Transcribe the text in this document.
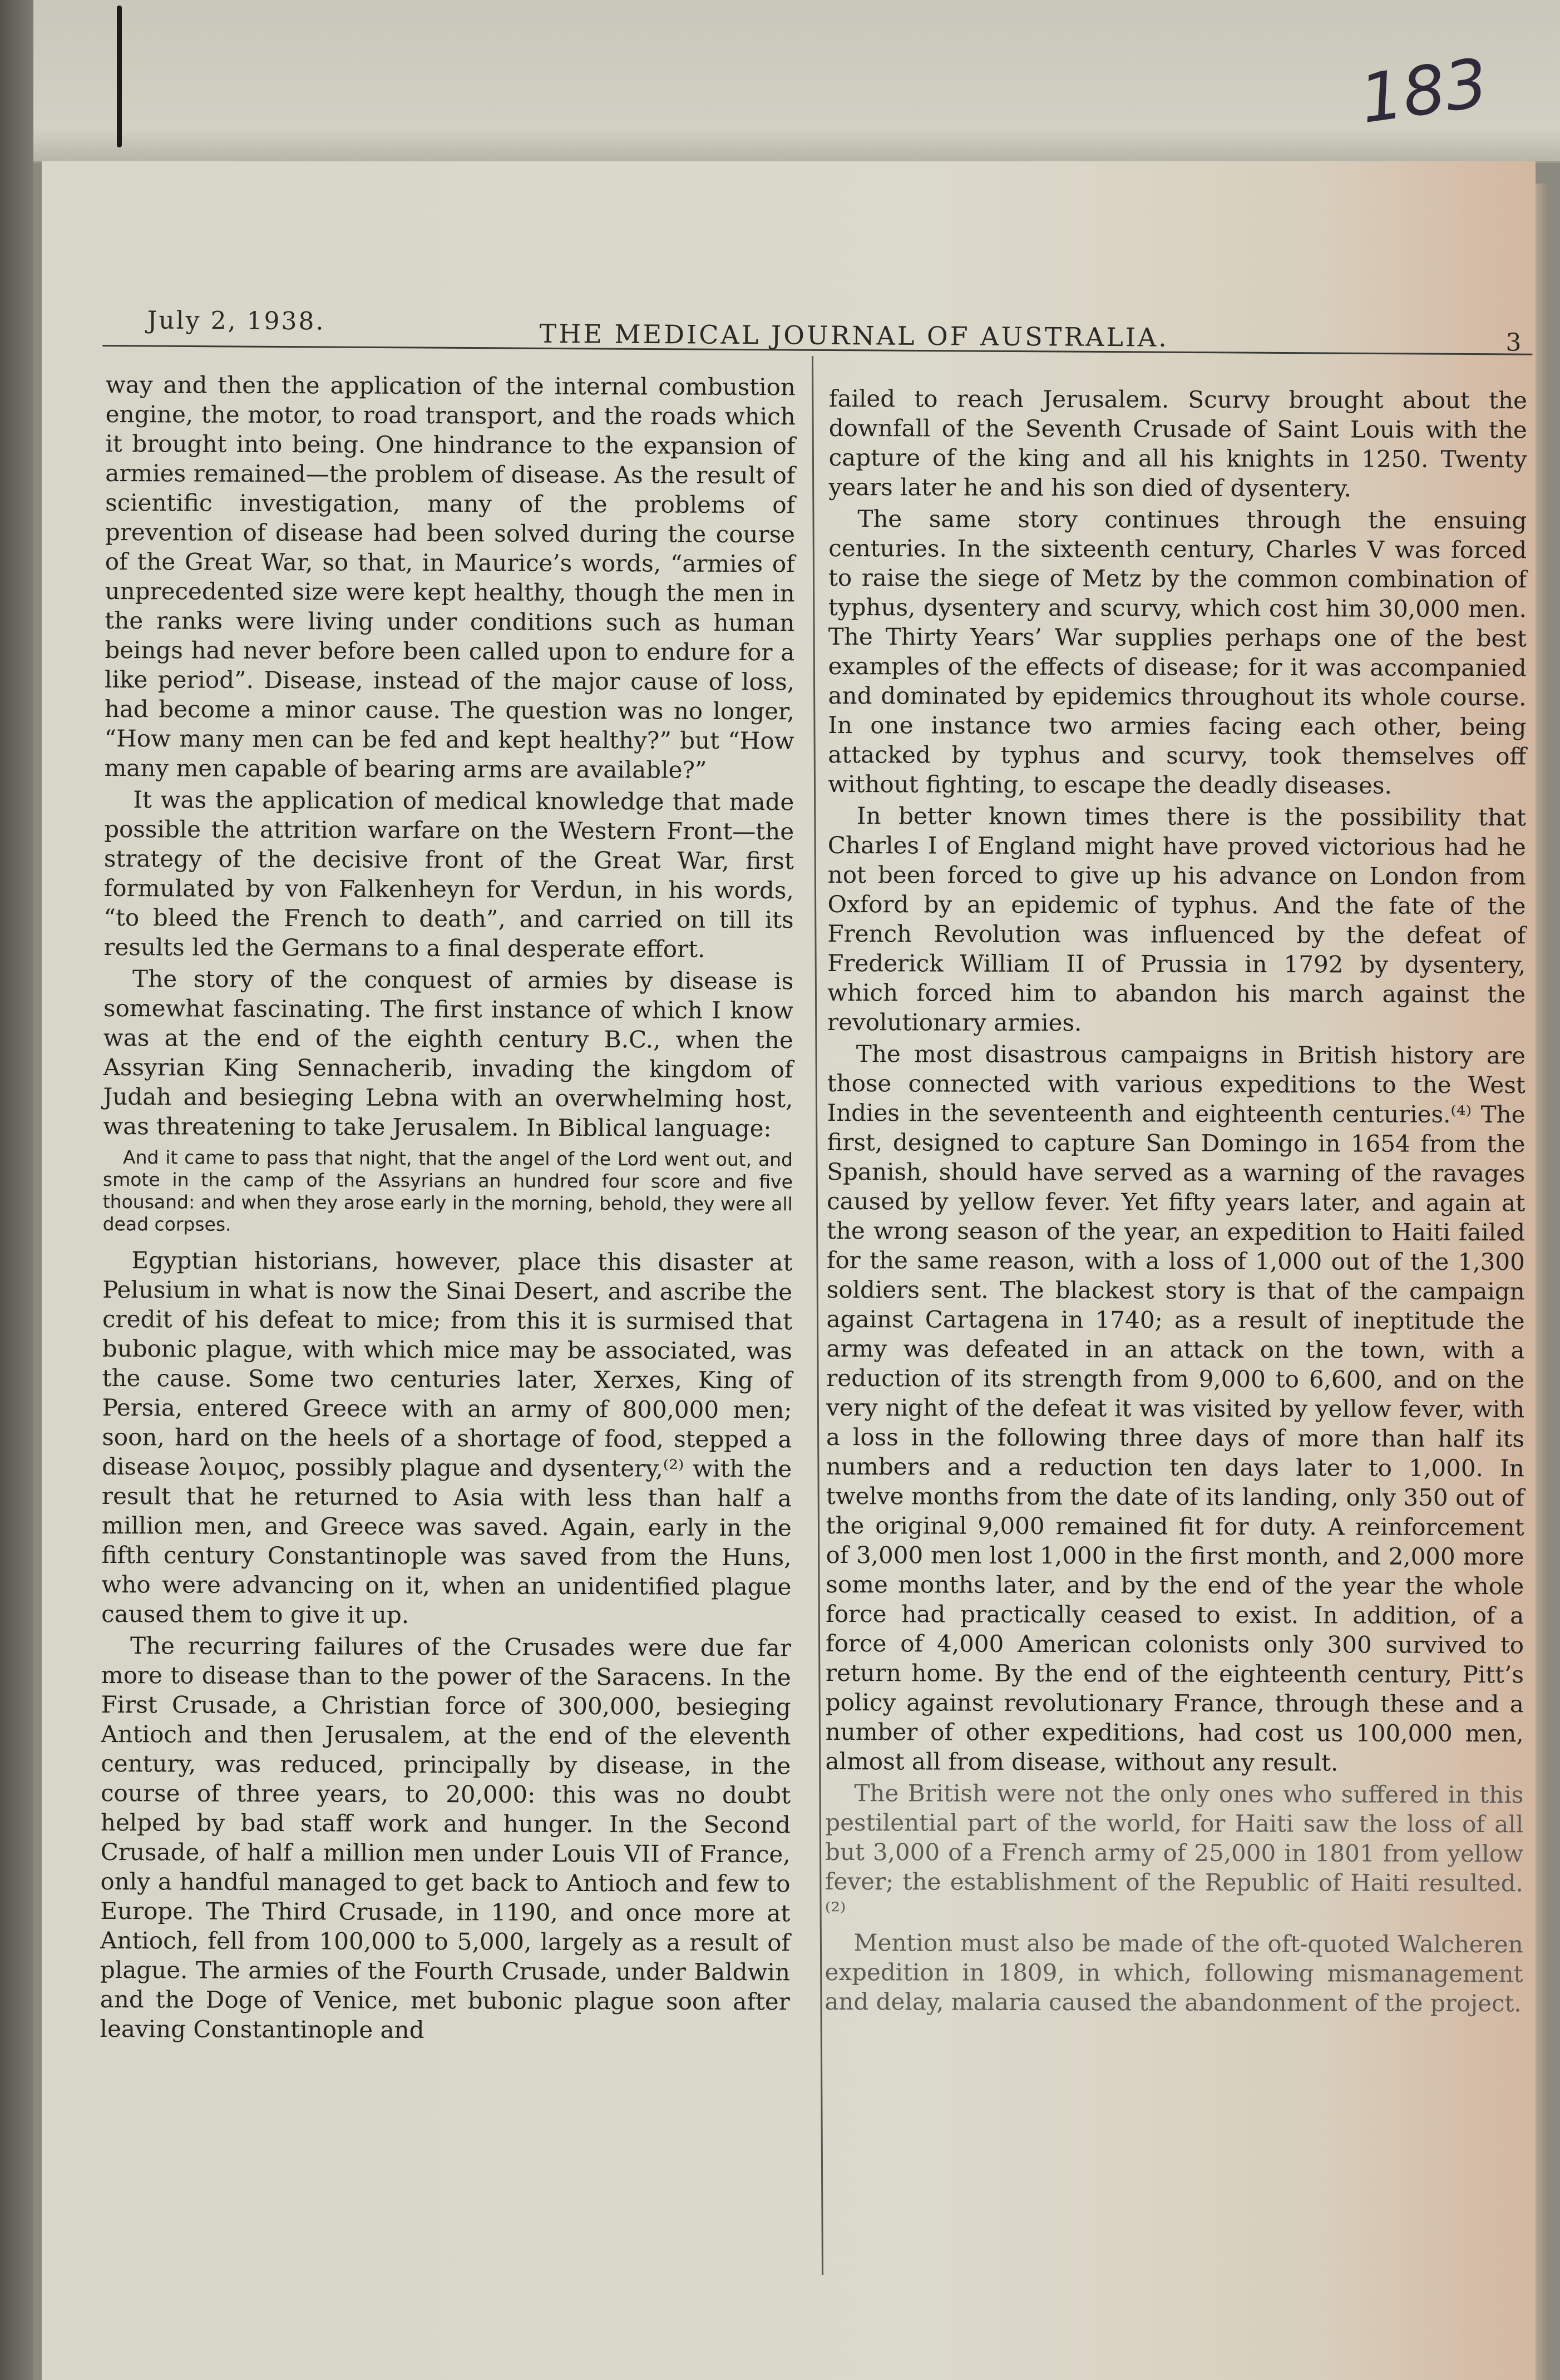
183

July 2, 1938.	THE MEDICAL JOURNAL OF AUSTRALIA.	3

way and then the application of the internal combustion engine, the motor, to road transport, and the roads which it brought into being. One hindrance to the expansion of armies remained—the problem of disease. As the result of scientific investigation, many of the problems of prevention of disease had been solved during the course of the Great War, so that, in Maurice’s words, “armies of unprecedented size were kept healthy, though the men in the ranks were living under conditions such as human beings had never before been called upon to endure for a like period”. Disease, instead of the major cause of loss, had become a minor cause. The question was no longer, “How many men can be fed and kept healthy?” but “How many men capable of bearing arms are available?”

It was the application of medical knowledge that made possible the attrition warfare on the Western Front—the strategy of the decisive front of the Great War, first formulated by von Falkenheyn for Verdun, in his words, “to bleed the French to death”, and carried on till its results led the Germans to a final desperate effort.

The story of the conquest of armies by disease is somewhat fascinating. The first instance of which I know was at the end of the eighth century B.C., when the Assyrian King Sennacherib, invading the kingdom of Judah and besieging Lebna with an overwhelming host, was threatening to take Jerusalem. In Biblical language:

And it came to pass that night, that the angel of the Lord went out, and smote in the camp of the Assyrians an hundred four score and five thousand: and when they arose early in the morning, behold, they were all dead corpses.

Egyptian historians, however, place this disaster at Pelusium in what is now the Sinai Desert, and ascribe the credit of his defeat to mice; from this it is surmised that bubonic plague, with which mice may be associated, was the cause. Some two centuries later, Xerxes, King of Persia, entered Greece with an army of 800,000 men; soon, hard on the heels of a shortage of food, stepped a disease λοιμος, possibly plague and dysentery,⁽²⁾ with the result that he returned to Asia with less than half a million men, and Greece was saved. Again, early in the fifth century Constantinople was saved from the Huns, who were advancing on it, when an unidentified plague caused them to give it up.

The recurring failures of the Crusades were due far more to disease than to the power of the Saracens. In the First Crusade, a Christian force of 300,000, besieging Antioch and then Jerusalem, at the end of the eleventh century, was reduced, principally by disease, in the course of three years, to 20,000: this was no doubt helped by bad staff work and hunger. In the Second Crusade, of half a million men under Louis VII of France, only a handful managed to get back to Antioch and few to Europe. The Third Crusade, in 1190, and once more at Antioch, fell from 100,000 to 5,000, largely as a result of plague. The armies of the Fourth Crusade, under Baldwin and the Doge of Venice, met bubonic plague soon after leaving Constantinople and

failed to reach Jerusalem. Scurvy brought about the downfall of the Seventh Crusade of Saint Louis with the capture of the king and all his knights in 1250. Twenty years later he and his son died of dysentery.

The same story continues through the ensuing centuries. In the sixteenth century, Charles V was forced to raise the siege of Metz by the common combination of typhus, dysentery and scurvy, which cost him 30,000 men. The Thirty Years’ War supplies perhaps one of the best examples of the effects of disease; for it was accompanied and dominated by epidemics throughout its whole course. In one instance two armies facing each other, being attacked by typhus and scurvy, took themselves off without fighting, to escape the deadly diseases.

In better known times there is the possibility that Charles I of England might have proved victorious had he not been forced to give up his advance on London from Oxford by an epidemic of typhus. And the fate of the French Revolution was influenced by the defeat of Frederick William II of Prussia in 1792 by dysentery, which forced him to abandon his march against the revolutionary armies.

The most disastrous campaigns in British history are those connected with various expeditions to the West Indies in the seventeenth and eighteenth centuries.⁽⁴⁾ The first, designed to capture San Domingo in 1654 from the Spanish, should have served as a warning of the ravages caused by yellow fever. Yet fifty years later, and again at the wrong season of the year, an expedition to Haiti failed for the same reason, with a loss of 1,000 out of the 1,300 soldiers sent. The blackest story is that of the campaign against Cartagena in 1740; as a result of ineptitude the army was defeated in an attack on the town, with a reduction of its strength from 9,000 to 6,600, and on the very night of the defeat it was visited by yellow fever, with a loss in the following three days of more than half its numbers and a reduction ten days later to 1,000. In twelve months from the date of its landing, only 350 out of the original 9,000 remained fit for duty. A reinforcement of 3,000 men lost 1,000 in the first month, and 2,000 more some months later, and by the end of the year the whole force had practically ceased to exist. In addition, of a force of 4,000 American colonists only 300 survived to return home. By the end of the eighteenth century, Pitt’s policy against revolutionary France, through these and a number of other expeditions, had cost us 100,000 men, almost all from disease, without any result.

The British were not the only ones who suffered in this pestilential part of the world, for Haiti saw the loss of all but 3,000 of a French army of 25,000 in 1801 from yellow fever; the establishment of the Republic of Haiti resulted.⁽²⁾

Mention must also be made of the oft-quoted Walcheren expedition in 1809, in which, following mismanagement and delay, malaria caused the abandonment of the project.
